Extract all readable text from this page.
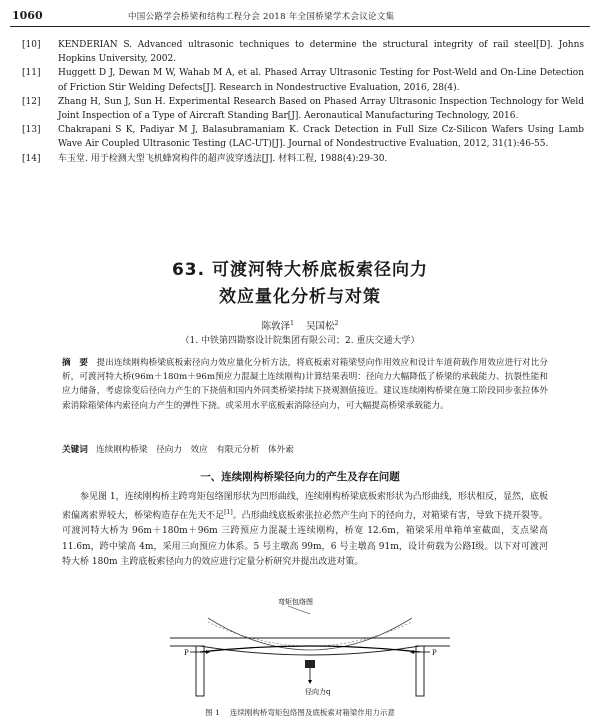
1060	中国公路学会桥梁和结构工程分会 2018 年全国桥梁学术会议论文集
[10]	KENDERIAN S. Advanced ultrasonic techniques to determine the structural integrity of rail steel[D]. Johns Hopkins University, 2002.
[11]	Huggett D J, Dewan M W, Wahab M A, et al. Phased Array Ultrasonic Testing for Post-Weld and On-Line Detection of Friction Stir Welding Defects[J]. Research in Nondestructive Evaluation, 2016, 28(4).
[12]	Zhang H, Sun J, Sun H. Experimental Research Based on Phased Array Ultrasonic Inspection Technology for Weld Joint Inspection of a Type of Aircraft Standing Bar[J]. Aeronautical Manufacturing Technology, 2016.
[13]	Chakrapani S K, Padiyar M J, Balasubramaniam K. Crack Detection in Full Size Cz-Silicon Wafers Using Lamb Wave Air Coupled Ultrasonic Testing (LAC-UT)[J]. Journal of Nondestructive Evaluation, 2012, 31(1):46-55.
[14]	车玉堂. 用于检测大型飞机蜂窝构件的超声波穿透法[J]. 材料工程, 1988(4):29-30.
63. 可渡河特大桥底板索径向力
效应量化分析与对策
陈敦泽$^1$ 吴国松$^2$
（1. 中铁第四勘察设计院集团有限公司；2. 重庆交通大学）
摘　要 提出连续刚构桥梁底板索径向力效应量化分析方法，将底板索对箱梁竖向作用效应和设计车道荷载作用效应进行对比分析，可渡河特大桥(96m＋180m＋96m预应力混凝土连续刚构)计算结果表明：径向力大幅降低了桥梁的承载能力、抗裂性能和应力储备，考虑徐变后径向力产生的下挠值和国内外同类桥梁持续下挠观测值接近。建议连续刚构桥梁在施工阶段同步张拉体外索消除箱梁体内索径向力产生的弹性下挠。或采用水平底板索消除径向力，可大幅提高桥梁承载能力。
关键词 连续刚构桥梁　径向力　效应　有限元分析　体外索
一、连续刚构桥梁径向力的产生及存在问题
参见图 1，连续刚构桥主跨弯矩包络图形状为凹形曲线，连续刚构桥梁底板索形状为凸形曲线，形状相反，显然，底板索偏离索界较大，桥梁构造存在先天不足[1]。凸形曲线底板索张拉必然产生向下的径向力，对箱梁有害，导致下挠开裂等。可渡河特大桥为 96m＋180m＋96m 三跨预应力混凝土连续刚构，桥宽 12.6m，箱梁采用单箱单室截面，支点梁高 11.6m，跨中梁高 4m，采用三向预应力体系。5 号主墩高 99m，6 号主墩高 91m，设计荷载为公路Ⅰ级。以下对可渡河特大桥 180m 主跨底板索径向力的效应进行定量分析研究并提出改进对策。
弯矩包络图
P	P
径向力q
图 1 连续刚构桥弯矩包络图及底板索对箱梁作用力示意
